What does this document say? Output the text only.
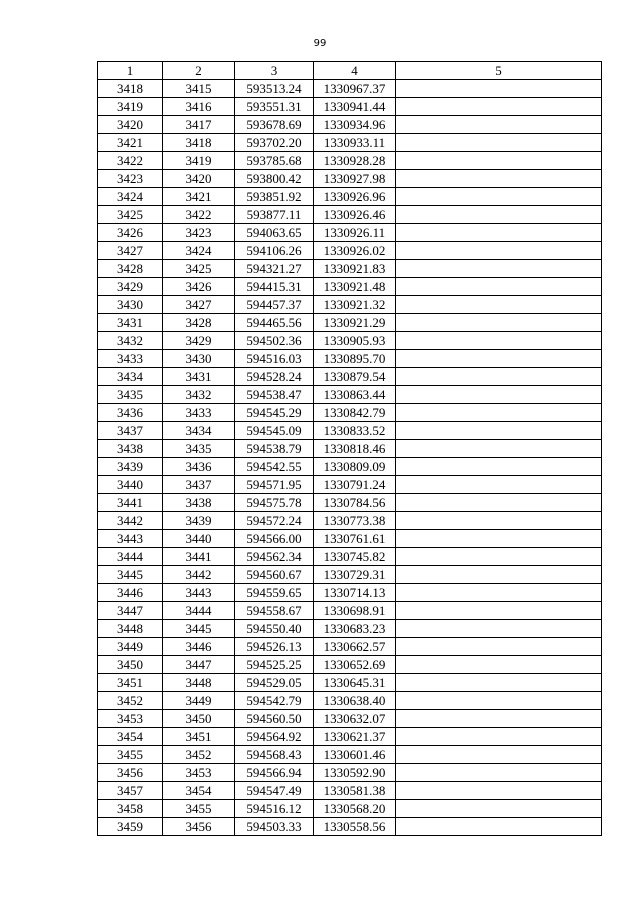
99
1	2	3	4	5
3418	3415	593513.24	1330967.37	
3419	3416	593551.31	1330941.44	
3420	3417	593678.69	1330934.96	
3421	3418	593702.20	1330933.11	
3422	3419	593785.68	1330928.28	
3423	3420	593800.42	1330927.98	
3424	3421	593851.92	1330926.96	
3425	3422	593877.11	1330926.46	
3426	3423	594063.65	1330926.11	
3427	3424	594106.26	1330926.02	
3428	3425	594321.27	1330921.83	
3429	3426	594415.31	1330921.48	
3430	3427	594457.37	1330921.32	
3431	3428	594465.56	1330921.29	
3432	3429	594502.36	1330905.93	
3433	3430	594516.03	1330895.70	
3434	3431	594528.24	1330879.54	
3435	3432	594538.47	1330863.44	
3436	3433	594545.29	1330842.79	
3437	3434	594545.09	1330833.52	
3438	3435	594538.79	1330818.46	
3439	3436	594542.55	1330809.09	
3440	3437	594571.95	1330791.24	
3441	3438	594575.78	1330784.56	
3442	3439	594572.24	1330773.38	
3443	3440	594566.00	1330761.61	
3444	3441	594562.34	1330745.82	
3445	3442	594560.67	1330729.31	
3446	3443	594559.65	1330714.13	
3447	3444	594558.67	1330698.91	
3448	3445	594550.40	1330683.23	
3449	3446	594526.13	1330662.57	
3450	3447	594525.25	1330652.69	
3451	3448	594529.05	1330645.31	
3452	3449	594542.79	1330638.40	
3453	3450	594560.50	1330632.07	
3454	3451	594564.92	1330621.37	
3455	3452	594568.43	1330601.46	
3456	3453	594566.94	1330592.90	
3457	3454	594547.49	1330581.38	
3458	3455	594516.12	1330568.20	
3459	3456	594503.33	1330558.56	
